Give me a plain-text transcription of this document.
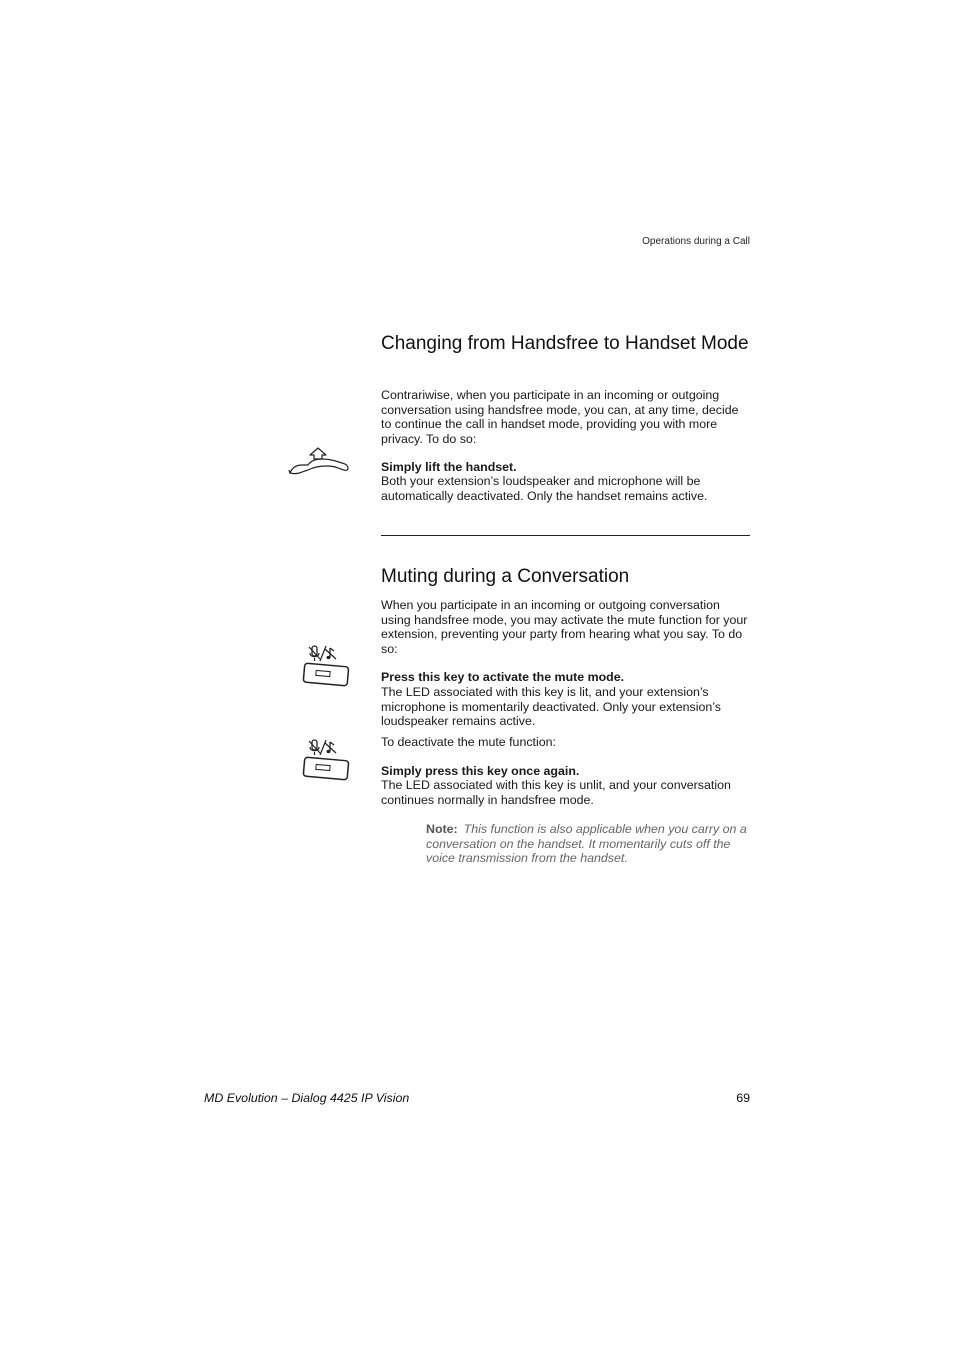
Operations during a Call
Changing from Handsfree to Handset Mode

Contrariwise, when you participate in an incoming or outgoing conversation using handsfree mode, you can, at any time, decide to continue the call in handset mode, providing you with more privacy. To do so:

Simply lift the handset.

Both your extension’s loudspeaker and microphone will be automatically deactivated. Only the handset remains active.

Muting during a Conversation

When you participate in an incoming or outgoing conversation using handsfree mode, you may activate the mute function for your extension, preventing your party from hearing what you say. To do so:

Press this key to activate the mute mode.

The LED associated with this key is lit, and your extension’s microphone is momentarily deactivated. Only your extension’s loudspeaker remains active.

To deactivate the mute function:

Simply press this key once again.

The LED associated with this key is unlit, and your conversation continues normally in handsfree mode.

Note: This function is also applicable when you carry on a conversation on the handset. It momentarily cuts off the voice transmission from the handset.
MD Evolution – Dialog 4425 IP Vision	69
